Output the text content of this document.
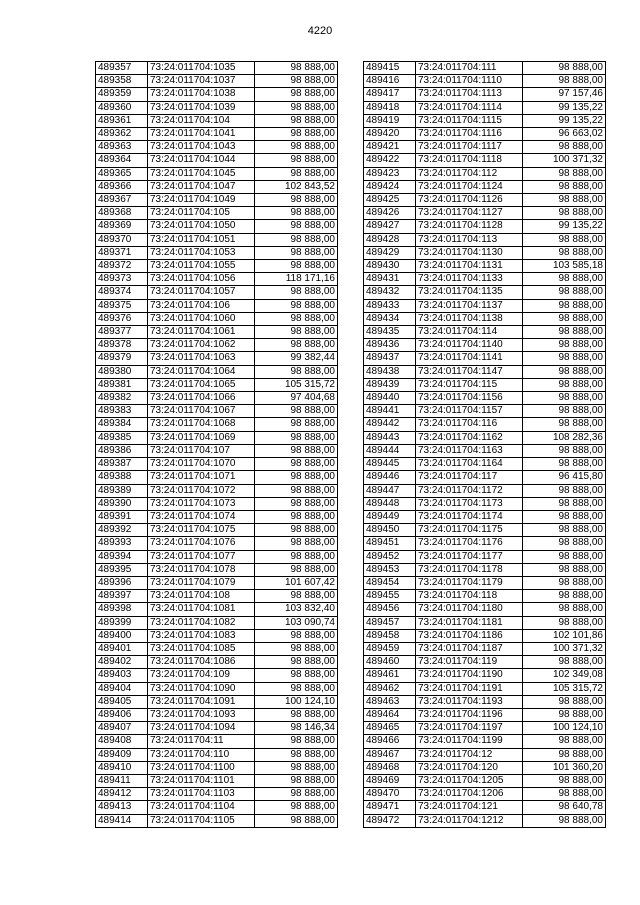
4220
489357	73:24:011704:1035	98 888,00
489358	73:24:011704:1037	98 888,00
489359	73:24:011704:1038	98 888,00
489360	73:24:011704:1039	98 888,00
489361	73:24:011704:104	98 888,00
489362	73:24:011704:1041	98 888,00
489363	73:24:011704:1043	98 888,00
489364	73:24:011704:1044	98 888,00
489365	73:24:011704:1045	98 888,00
489366	73:24:011704:1047	102 843,52
489367	73:24:011704:1049	98 888,00
489368	73:24:011704:105	98 888,00
489369	73:24:011704:1050	98 888,00
489370	73:24:011704:1051	98 888,00
489371	73:24:011704:1053	98 888,00
489372	73:24:011704:1055	98 888,00
489373	73:24:011704:1056	118 171,16
489374	73:24:011704:1057	98 888,00
489375	73:24:011704:106	98 888,00
489376	73:24:011704:1060	98 888,00
489377	73:24:011704:1061	98 888,00
489378	73:24:011704:1062	98 888,00
489379	73:24:011704:1063	99 382,44
489380	73:24:011704:1064	98 888,00
489381	73:24:011704:1065	105 315,72
489382	73:24:011704:1066	97 404,68
489383	73:24:011704:1067	98 888,00
489384	73:24:011704:1068	98 888,00
489385	73:24:011704:1069	98 888,00
489386	73:24:011704:107	98 888,00
489387	73:24:011704:1070	98 888,00
489388	73:24:011704:1071	98 888,00
489389	73:24:011704:1072	98 888,00
489390	73:24:011704:1073	98 888,00
489391	73:24:011704:1074	98 888,00
489392	73:24:011704:1075	98 888,00
489393	73:24:011704:1076	98 888,00
489394	73:24:011704:1077	98 888,00
489395	73:24:011704:1078	98 888,00
489396	73:24:011704:1079	101 607,42
489397	73:24:011704:108	98 888,00
489398	73:24:011704:1081	103 832,40
489399	73:24:011704:1082	103 090,74
489400	73:24:011704:1083	98 888,00
489401	73:24:011704:1085	98 888,00
489402	73:24:011704:1086	98 888,00
489403	73:24:011704:109	98 888,00
489404	73:24:011704:1090	98 888,00
489405	73:24:011704:1091	100 124,10
489406	73:24:011704:1093	98 888,00
489407	73:24:011704:1094	98 146,34
489408	73:24:011704:11	98 888,00
489409	73:24:011704:110	98 888,00
489410	73:24:011704:1100	98 888,00
489411	73:24:011704:1101	98 888,00
489412	73:24:011704:1103	98 888,00
489413	73:24:011704:1104	98 888,00
489414	73:24:011704:1105	98 888,00
489415	73:24:011704:111	98 888,00
489416	73:24:011704:1110	98 888,00
489417	73:24:011704:1113	97 157,46
489418	73:24:011704:1114	99 135,22
489419	73:24:011704:1115	99 135,22
489420	73:24:011704:1116	96 663,02
489421	73:24:011704:1117	98 888,00
489422	73:24:011704:1118	100 371,32
489423	73:24:011704:112	98 888,00
489424	73:24:011704:1124	98 888,00
489425	73:24:011704:1126	98 888,00
489426	73:24:011704:1127	98 888,00
489427	73:24:011704:1128	99 135,22
489428	73:24:011704:113	98 888,00
489429	73:24:011704:1130	98 888,00
489430	73:24:011704:1131	103 585,18
489431	73:24:011704:1133	98 888,00
489432	73:24:011704:1135	98 888,00
489433	73:24:011704:1137	98 888,00
489434	73:24:011704:1138	98 888,00
489435	73:24:011704:114	98 888,00
489436	73:24:011704:1140	98 888,00
489437	73:24:011704:1141	98 888,00
489438	73:24:011704:1147	98 888,00
489439	73:24:011704:115	98 888,00
489440	73:24:011704:1156	98 888,00
489441	73:24:011704:1157	98 888,00
489442	73:24:011704:116	98 888,00
489443	73:24:011704:1162	108 282,36
489444	73:24:011704:1163	98 888,00
489445	73:24:011704:1164	98 888,00
489446	73:24:011704:117	96 415,80
489447	73:24:011704:1172	98 888,00
489448	73:24:011704:1173	98 888,00
489449	73:24:011704:1174	98 888,00
489450	73:24:011704:1175	98 888,00
489451	73:24:011704:1176	98 888,00
489452	73:24:011704:1177	98 888,00
489453	73:24:011704:1178	98 888,00
489454	73:24:011704:1179	98 888,00
489455	73:24:011704:118	98 888,00
489456	73:24:011704:1180	98 888,00
489457	73:24:011704:1181	98 888,00
489458	73:24:011704:1186	102 101,86
489459	73:24:011704:1187	100 371,32
489460	73:24:011704:119	98 888,00
489461	73:24:011704:1190	102 349,08
489462	73:24:011704:1191	105 315,72
489463	73:24:011704:1193	98 888,00
489464	73:24:011704:1196	98 888,00
489465	73:24:011704:1197	100 124,10
489466	73:24:011704:1199	98 888,00
489467	73:24:011704:12	98 888,00
489468	73:24:011704:120	101 360,20
489469	73:24:011704:1205	98 888,00
489470	73:24:011704:1206	98 888,00
489471	73:24:011704:121	98 640,78
489472	73:24:011704:1212	98 888,00
